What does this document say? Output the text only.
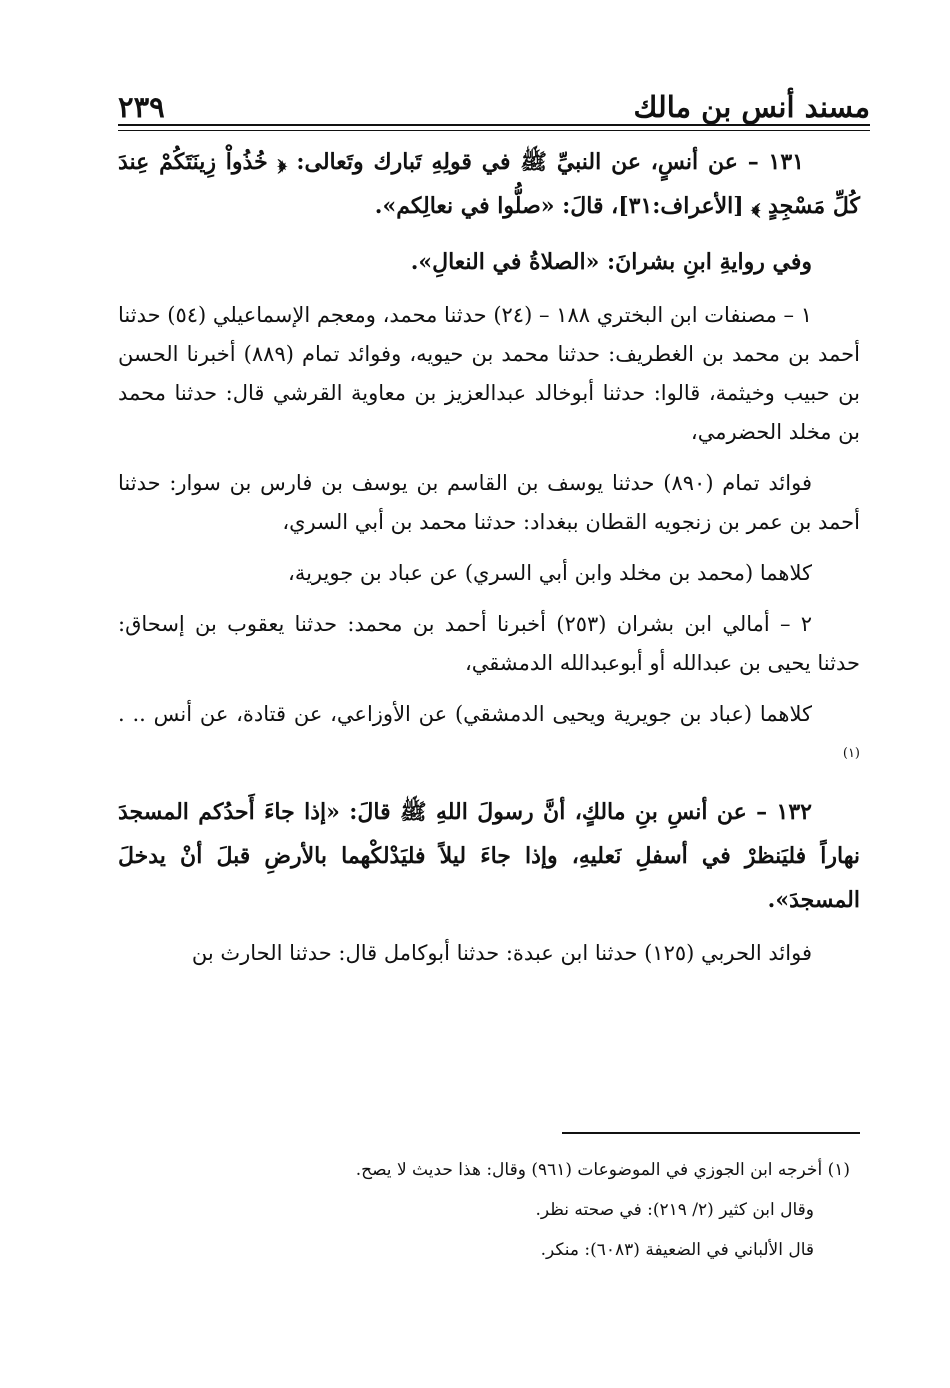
مسند أنس بن مالك
٢٣٩

١٣١ – عن أنسٍ، عن النبيِّ ﷺ في قولِهِ تَبارك وتَعالى: ﴿ خُذُواْ زِينَتَكُمْ عِندَ كُلِّ مَسْجِدٍ ﴾ [الأعراف:٣١]، قالَ: «صلُّوا في نعالِكم».

وفي روايةِ ابنِ بشرانَ: «الصلاةُ في النعالِ».

١ – مصنفات ابن البختري ١٨٨ – (٢٤) حدثنا محمد، ومعجم الإسماعيلي (٥٤) حدثنا أحمد بن محمد بن الغطريف: حدثنا محمد بن حيويه، وفوائد تمام (٨٨٩) أخبرنا الحسن بن حبيب وخيثمة، قالوا: حدثنا أبوخالد عبدالعزيز بن معاوية القرشي قال: حدثنا محمد بن مخلد الحضرمي،

فوائد تمام (٨٩٠) حدثنا يوسف بن القاسم بن يوسف بن فارس بن سوار: حدثنا أحمد بن عمر بن زنجويه القطان ببغداد: حدثنا محمد بن أبي السري،

كلاهما (محمد بن مخلد وابن أبي السري) عن عباد بن جويرية،

٢ – أمالي ابن بشران (٢٥٣) أخبرنا أحمد بن محمد: حدثنا يعقوب بن إسحاق: حدثنا يحيى بن عبدالله أو أبوعبدالله الدمشقي،

كلاهما (عباد بن جويرية ويحيى الدمشقي) عن الأوزاعي، عن قتادة، عن أنس .. . $^{(١)}$

١٣٢ – عن أنسِ بنِ مالكٍ، أنَّ رسولَ اللهِ ﷺ قالَ: «إذا جاءَ أَحدُكم المسجدَ نهاراً فليَنظرْ في أسفلِ نَعليهِ، وإذا جاءَ ليلاً فليَدْلكْهما بالأرضِ قبلَ أنْ يدخلَ المسجدَ».

فوائد الحربي (١٢٥) حدثنا ابن عبدة: حدثنا أبوكامل قال: حدثنا الحارث بن

(١) أخرجه ابن الجوزي في الموضوعات (٩٦١) وقال: هذا حديث لا يصح.

وقال ابن كثير (٢/ ٢١٩): في صحته نظر.

قال الألباني في الضعيفة (٦٠٨٣): منكر.
